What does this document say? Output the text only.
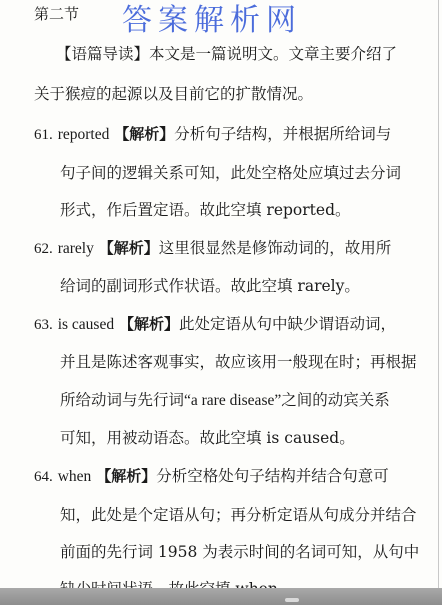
第二节 答案解析网
【语篇导读】本文是一篇说明文。文章主要介绍了
关于猴痘的起源以及目前它的扩散情况。
61. reported 【解析】分析句子结构，并根据所给词与
句子间的逻辑关系可知，此处空格处应填过去分词
形式，作后置定语。故此空填 reported。
62. rarely 【解析】这里很显然是修饰动词的，故用所
给词的副词形式作状语。故此空填 rarely。
63. is caused 【解析】此处定语从句中缺少谓语动词，
并且是陈述客观事实，故应该用一般现在时；再根据
所给动词与先行词“a rare disease”之间的动宾关系
可知，用被动语态。故此空填 is caused。
64. when 【解析】分析空格处句子结构并结合句意可
知，此处是个定语从句；再分析定语从句成分并结合
前面的先行词 1958 为表示时间的名词可知，从句中
